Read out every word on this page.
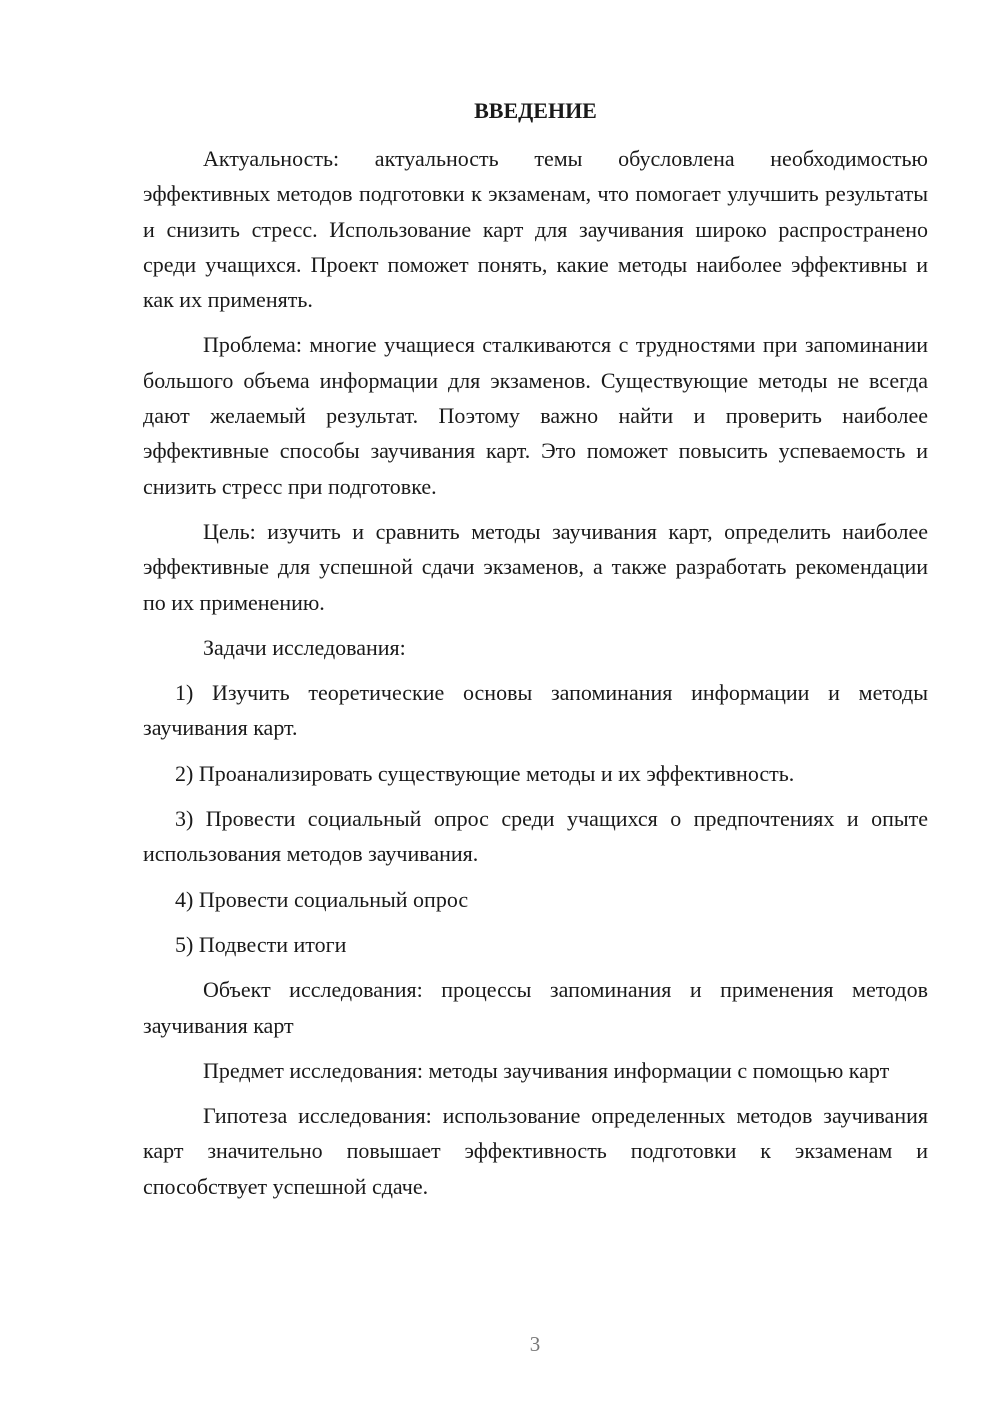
ВВЕДЕНИЕ

Актуальность: актуальность темы обусловлена необходимостью эффективных методов подготовки к экзаменам, что помогает улучшить результаты и снизить стресс. Использование карт для заучивания широко распространено среди учащихся. Проект поможет понять, какие методы наиболее эффективны и как их применять.

Проблема: многие учащиеся сталкиваются с трудностями при запоминании большого объема информации для экзаменов. Существующие методы не всегда дают желаемый результат. Поэтому важно найти и проверить наиболее эффективные способы заучивания карт. Это поможет повысить успеваемость и снизить стресс при подготовке.

Цель: изучить и сравнить методы заучивания карт, определить наиболее эффективные для успешной сдачи экзаменов, а также разработать рекомендации по их применению.

Задачи исследования:

1) Изучить теоретические основы запоминания информации и методы заучивания карт.

2) Проанализировать существующие методы и их эффективность.

3) Провести социальный опрос среди учащихся о предпочтениях и опыте использования методов заучивания.

4) Провести социальный опрос

5) Подвести итоги

Объект исследования: процессы запоминания и применения методов заучивания карт

Предмет исследования: методы заучивания информации с помощью карт

Гипотеза исследования: использование определенных методов заучивания карт значительно повышает эффективность подготовки к экзаменам и способствует успешной сдаче.

3
